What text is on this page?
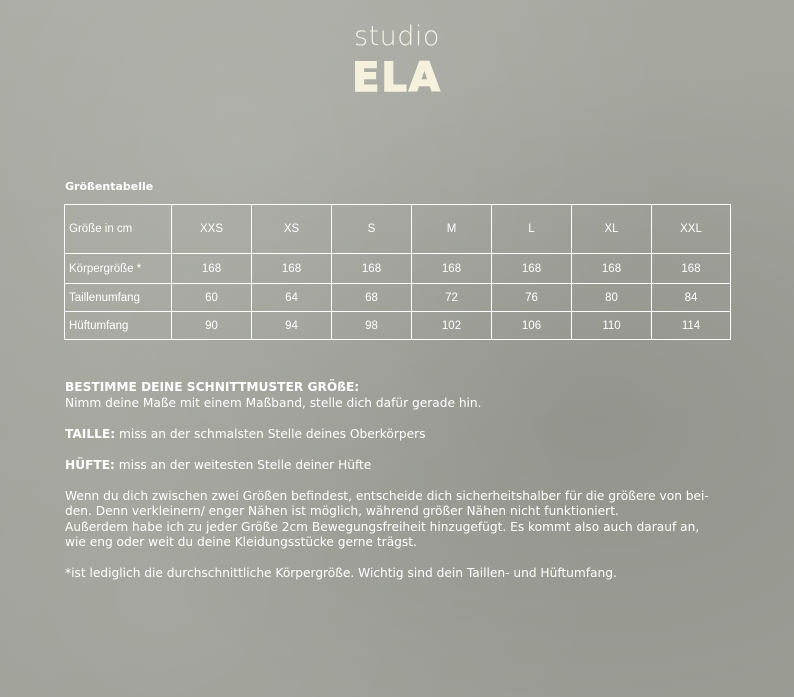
studio
ELA
Größentabelle
Größe in cm	XXS	XS	S	M	L	XL	XXL
Körpergröße *	168	168	168	168	168	168	168
Taillenumfang	60	64	68	72	76	80	84
Hüftumfang	90	94	98	102	106	110	114

BESTIMME DEINE SCHNITTMUSTER GRÖßE:

Nimm deine Maße mit einem Maßband, stelle dich dafür gerade hin.

TAILLE: miss an der schmalsten Stelle deines Oberkörpers

HÜFTE: miss an der weitesten Stelle deiner Hüfte

Wenn du dich zwischen zwei Größen befindest, entscheide dich sicherheitshalber für die größere von bei-

den. Denn verkleinern/ enger Nähen ist möglich, während größer Nähen nicht funktioniert.

Außerdem habe ich zu jeder Größe 2cm Bewegungsfreiheit hinzugefügt. Es kommt also auch darauf an,

wie eng oder weit du deine Kleidungsstücke gerne trägst.

*ist lediglich die durchschnittliche Körpergröße. Wichtig sind dein Taillen- und Hüftumfang.
